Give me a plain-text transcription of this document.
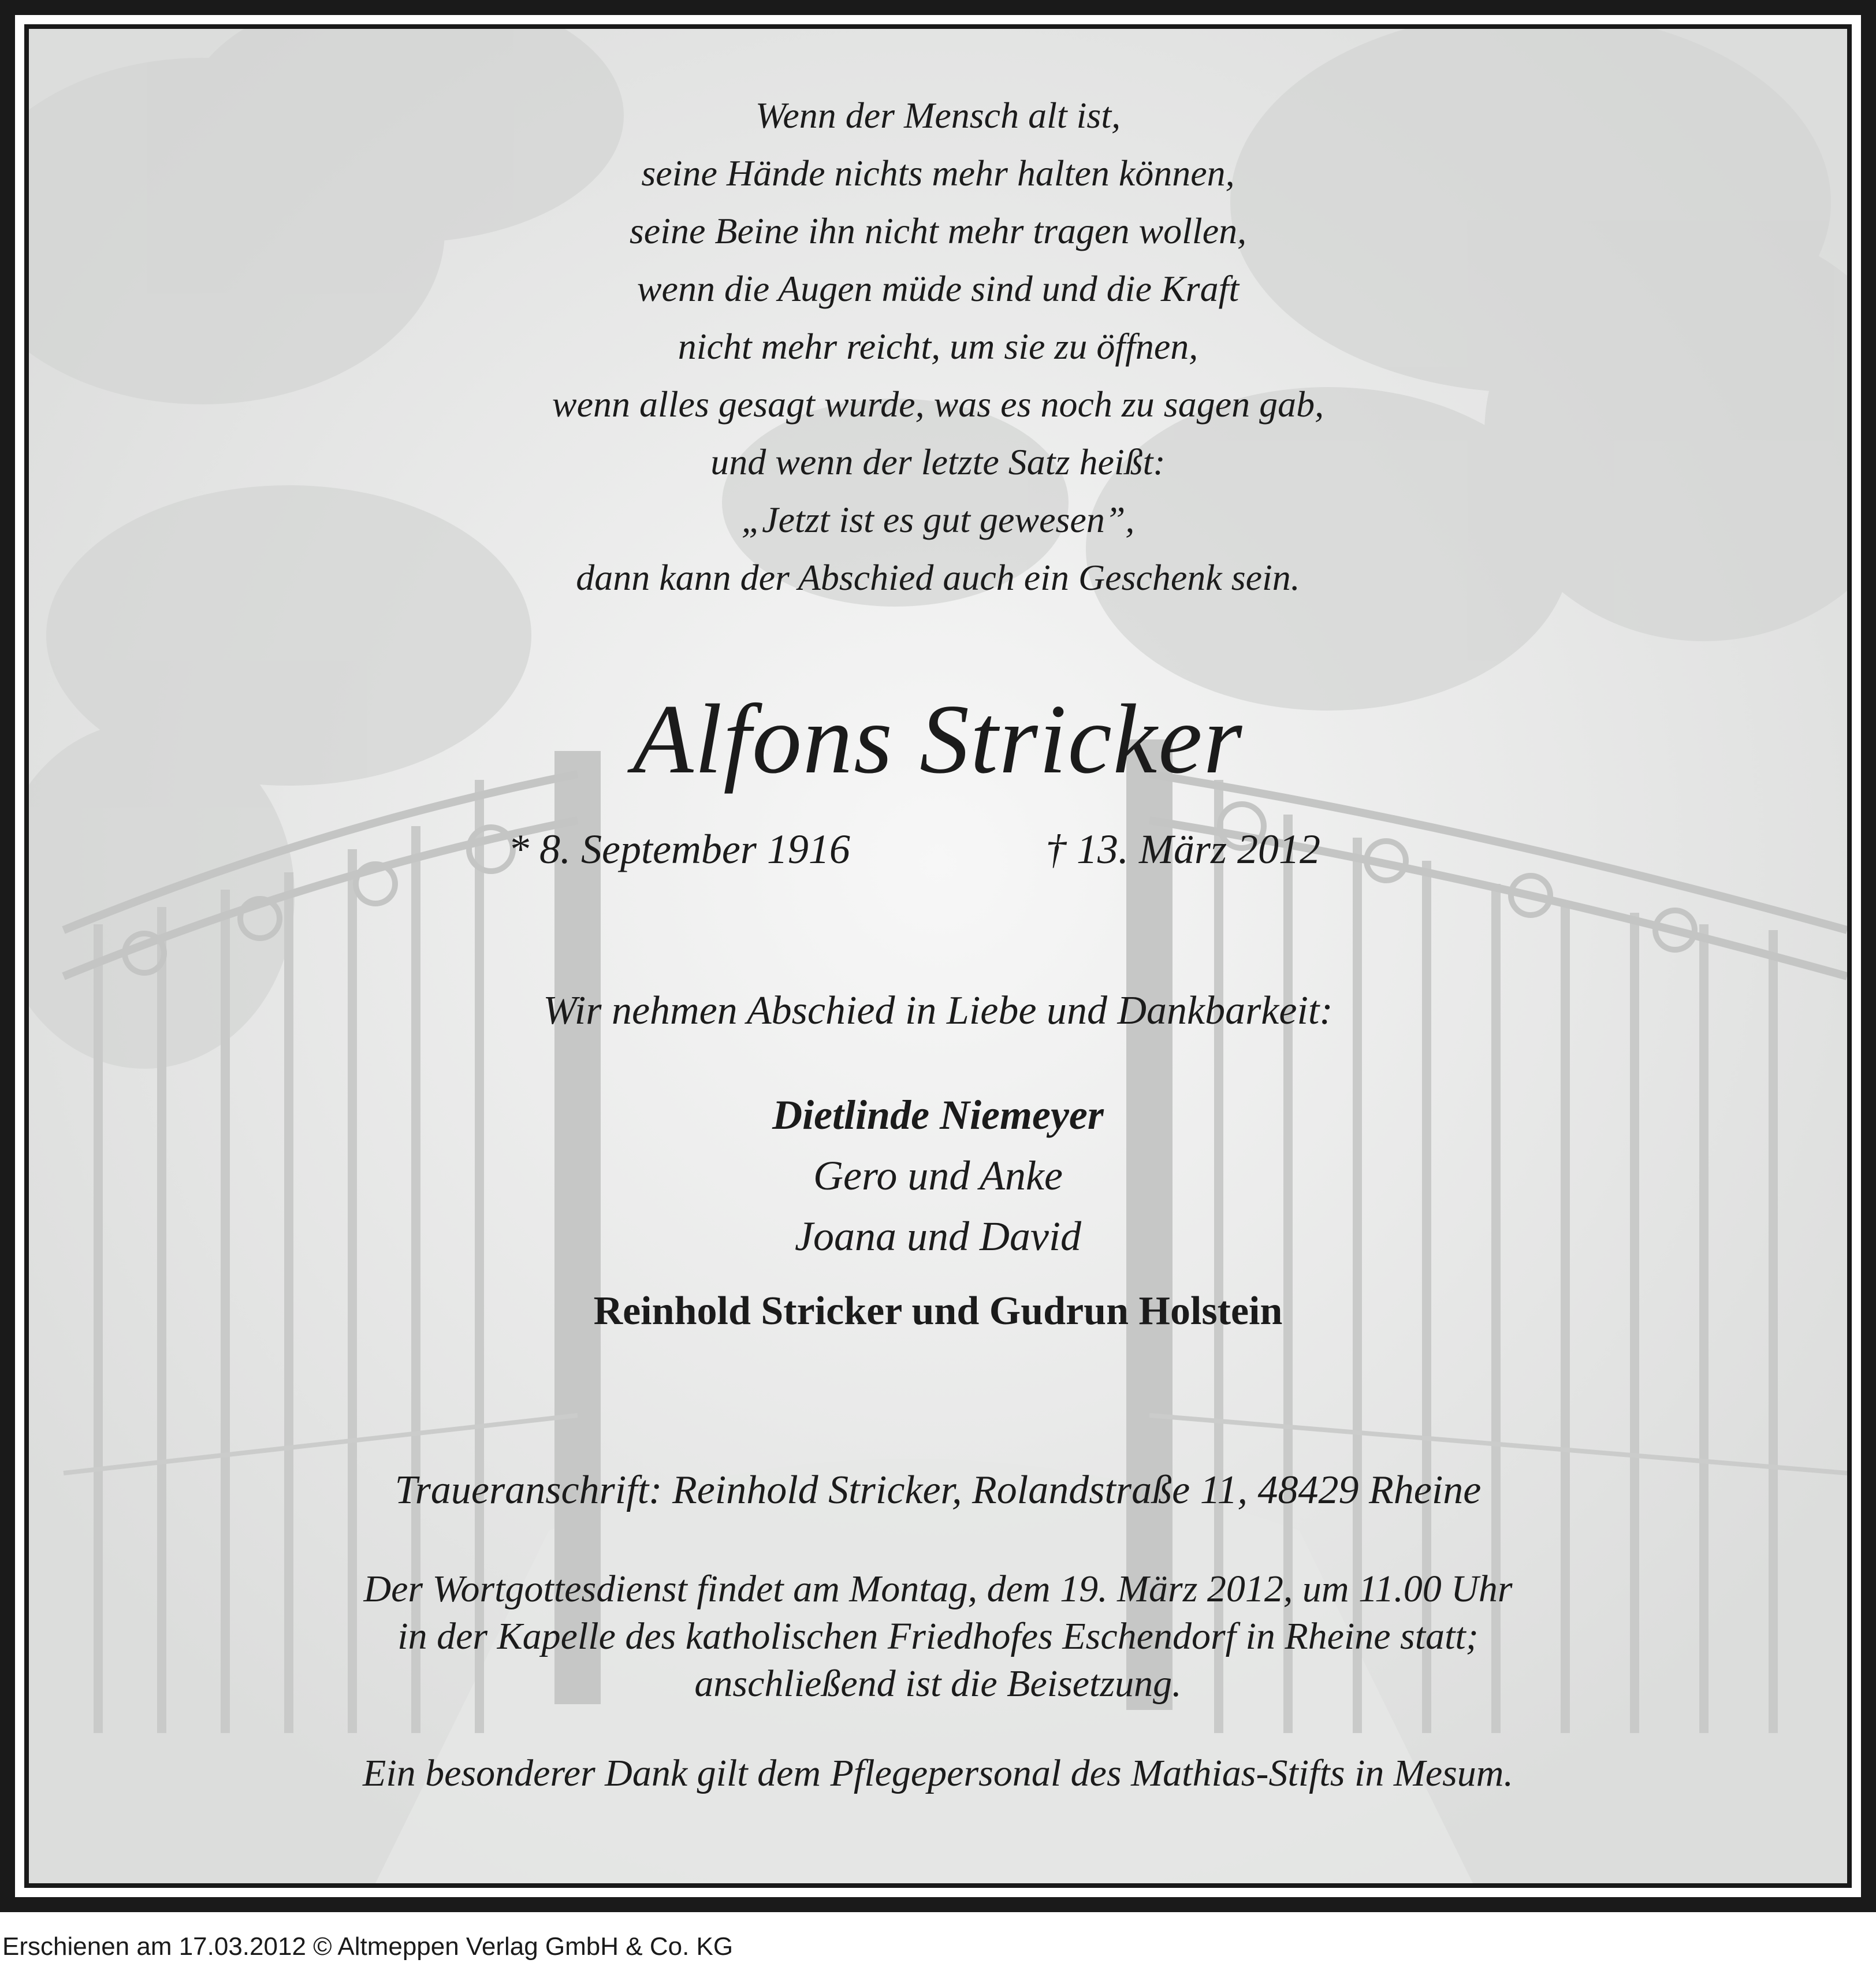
Wenn der Mensch alt ist,
seine Hände nichts mehr halten können,
seine Beine ihn nicht mehr tragen wollen,
wenn die Augen müde sind und die Kraft
nicht mehr reicht, um sie zu öffnen,
wenn alles gesagt wurde, was es noch zu sagen gab,
und wenn der letzte Satz heißt:
„Jetzt ist es gut gewesen”,
dann kann der Abschied auch ein Geschenk sein.
Alfons Stricker
* 8. September 1916	† 13. März 2012
Wir nehmen Abschied in Liebe und Dankbarkeit:
Dietlinde Niemeyer
Gero und Anke
Joana und David
Reinhold Stricker und Gudrun Holstein
Traueranschrift: Reinhold Stricker, Rolandstraße 11, 48429 Rheine
Der Wortgottesdienst findet am Montag, dem 19. März 2012, um 11.00 Uhr
in der Kapelle des katholischen Friedhofes Eschendorf in Rheine statt;
anschließend ist die Beisetzung.
Ein besonderer Dank gilt dem Pflegepersonal des Mathias-Stifts in Mesum.
Erschienen am 17.03.2012 © Altmeppen Verlag GmbH & Co. KG
